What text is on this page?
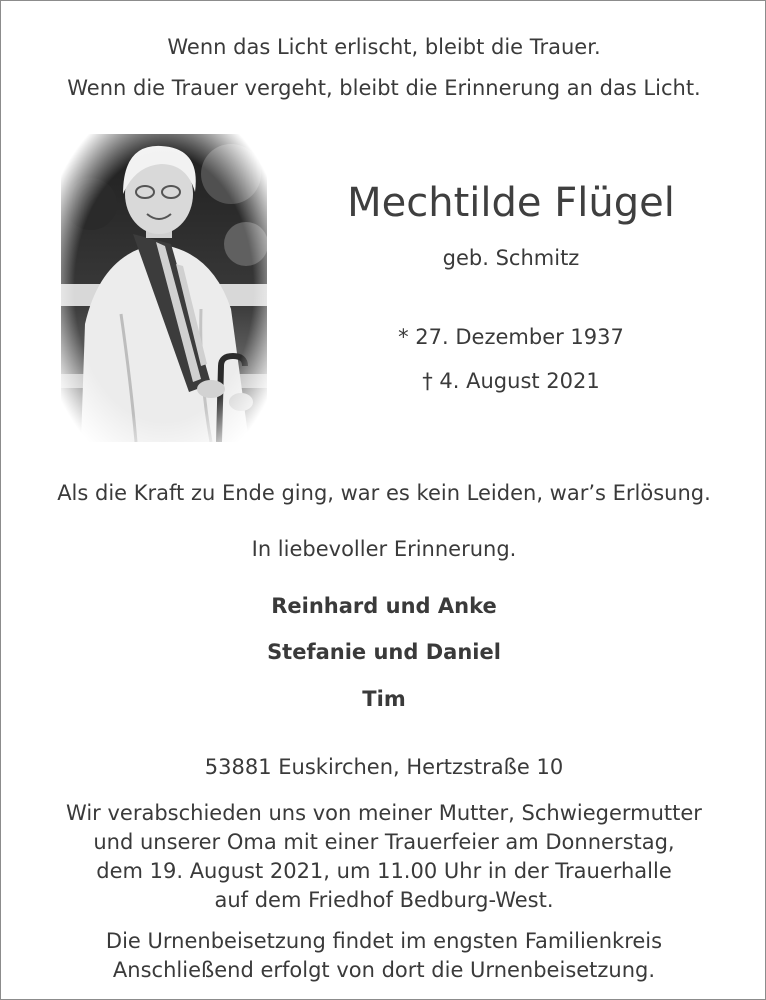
Wenn das Licht erlischt, bleibt die Trauer.
Wenn die Trauer vergeht, bleibt die Erinnerung an das Licht.
Mechtilde Flügel
geb. Schmitz
* 27. Dezember 1937
† 4. August 2021
Als die Kraft zu Ende ging, war es kein Leiden, war’s Erlösung.
In liebevoller Erinnerung.
Reinhard und Anke
Stefanie und Daniel
Tim
53881 Euskirchen, Hertzstraße 10
Wir verabschieden uns von meiner Mutter, Schwiegermutter
und unserer Oma mit einer Trauerfeier am Donnerstag,
dem 19. August 2021, um 11.00 Uhr in der Trauerhalle
auf dem Friedhof Bedburg-West.
Die Urnenbeisetzung findet im engsten Familienkreis
Anschließend erfolgt von dort die Urnenbeisetzung.
